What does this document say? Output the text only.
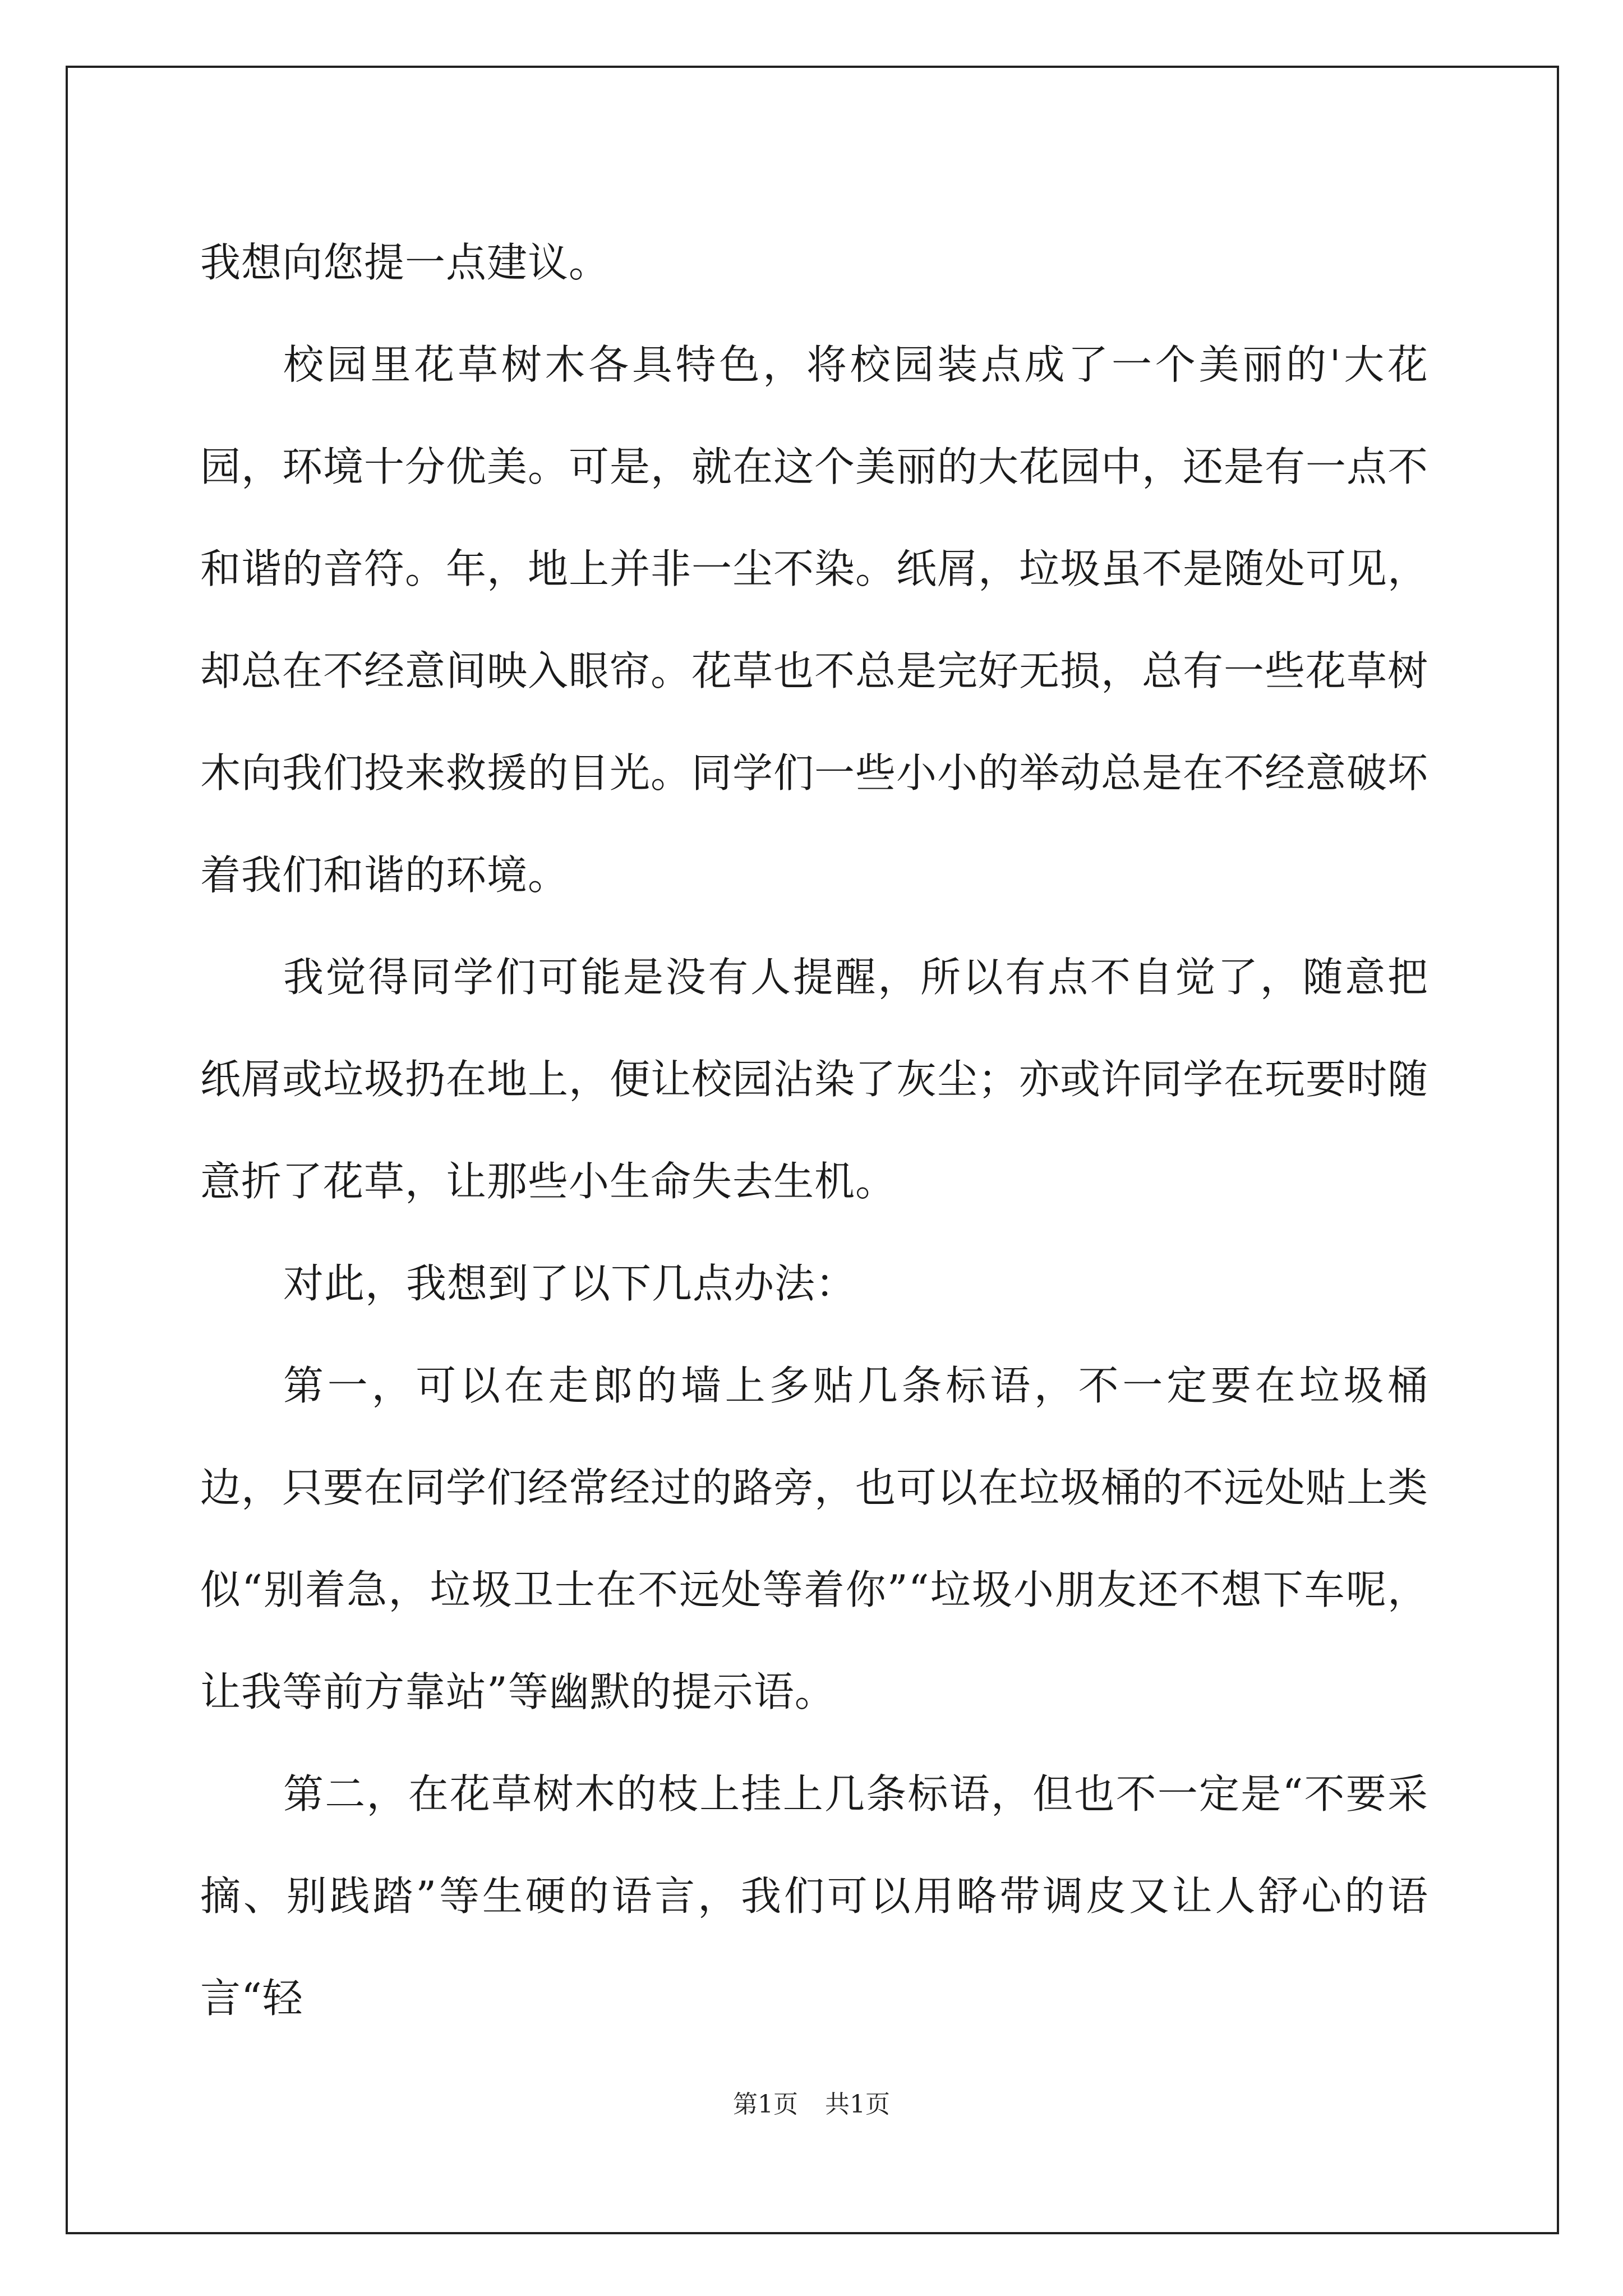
我想向您提一点建议。

校园里花草树木各具特色，将校园装点成了一个美丽的'大花园，环境十分优美。可是，就在这个美丽的大花园中，还是有一点不和谐的音符。年，地上并非一尘不染。纸屑，垃圾虽不是随处可见，却总在不经意间映入眼帘。花草也不总是完好无损，总有一些花草树木向我们投来救援的目光。同学们一些小小的举动总是在不经意破坏着我们和谐的环境。

我觉得同学们可能是没有人提醒，所以有点不自觉了，随意把纸屑或垃圾扔在地上，便让校园沾染了灰尘；亦或许同学在玩要时随意折了花草，让那些小生命失去生机。

对此，我想到了以下几点办法：

第一，可以在走郎的墙上多贴几条标语，不一定要在垃圾桶边，只要在同学们经常经过的路旁，也可以在垃圾桶的不远处贴上类似“别着急，垃圾卫士在不远处等着你”“垃圾小朋友还不想下车呢，让我等前方靠站”等幽默的提示语。

第二，在花草树木的枝上挂上几条标语，但也不一定是“不要采摘、别践踏”等生硬的语言，我们可以用略带调皮又让人舒心的语言“轻

第1页 共1页
